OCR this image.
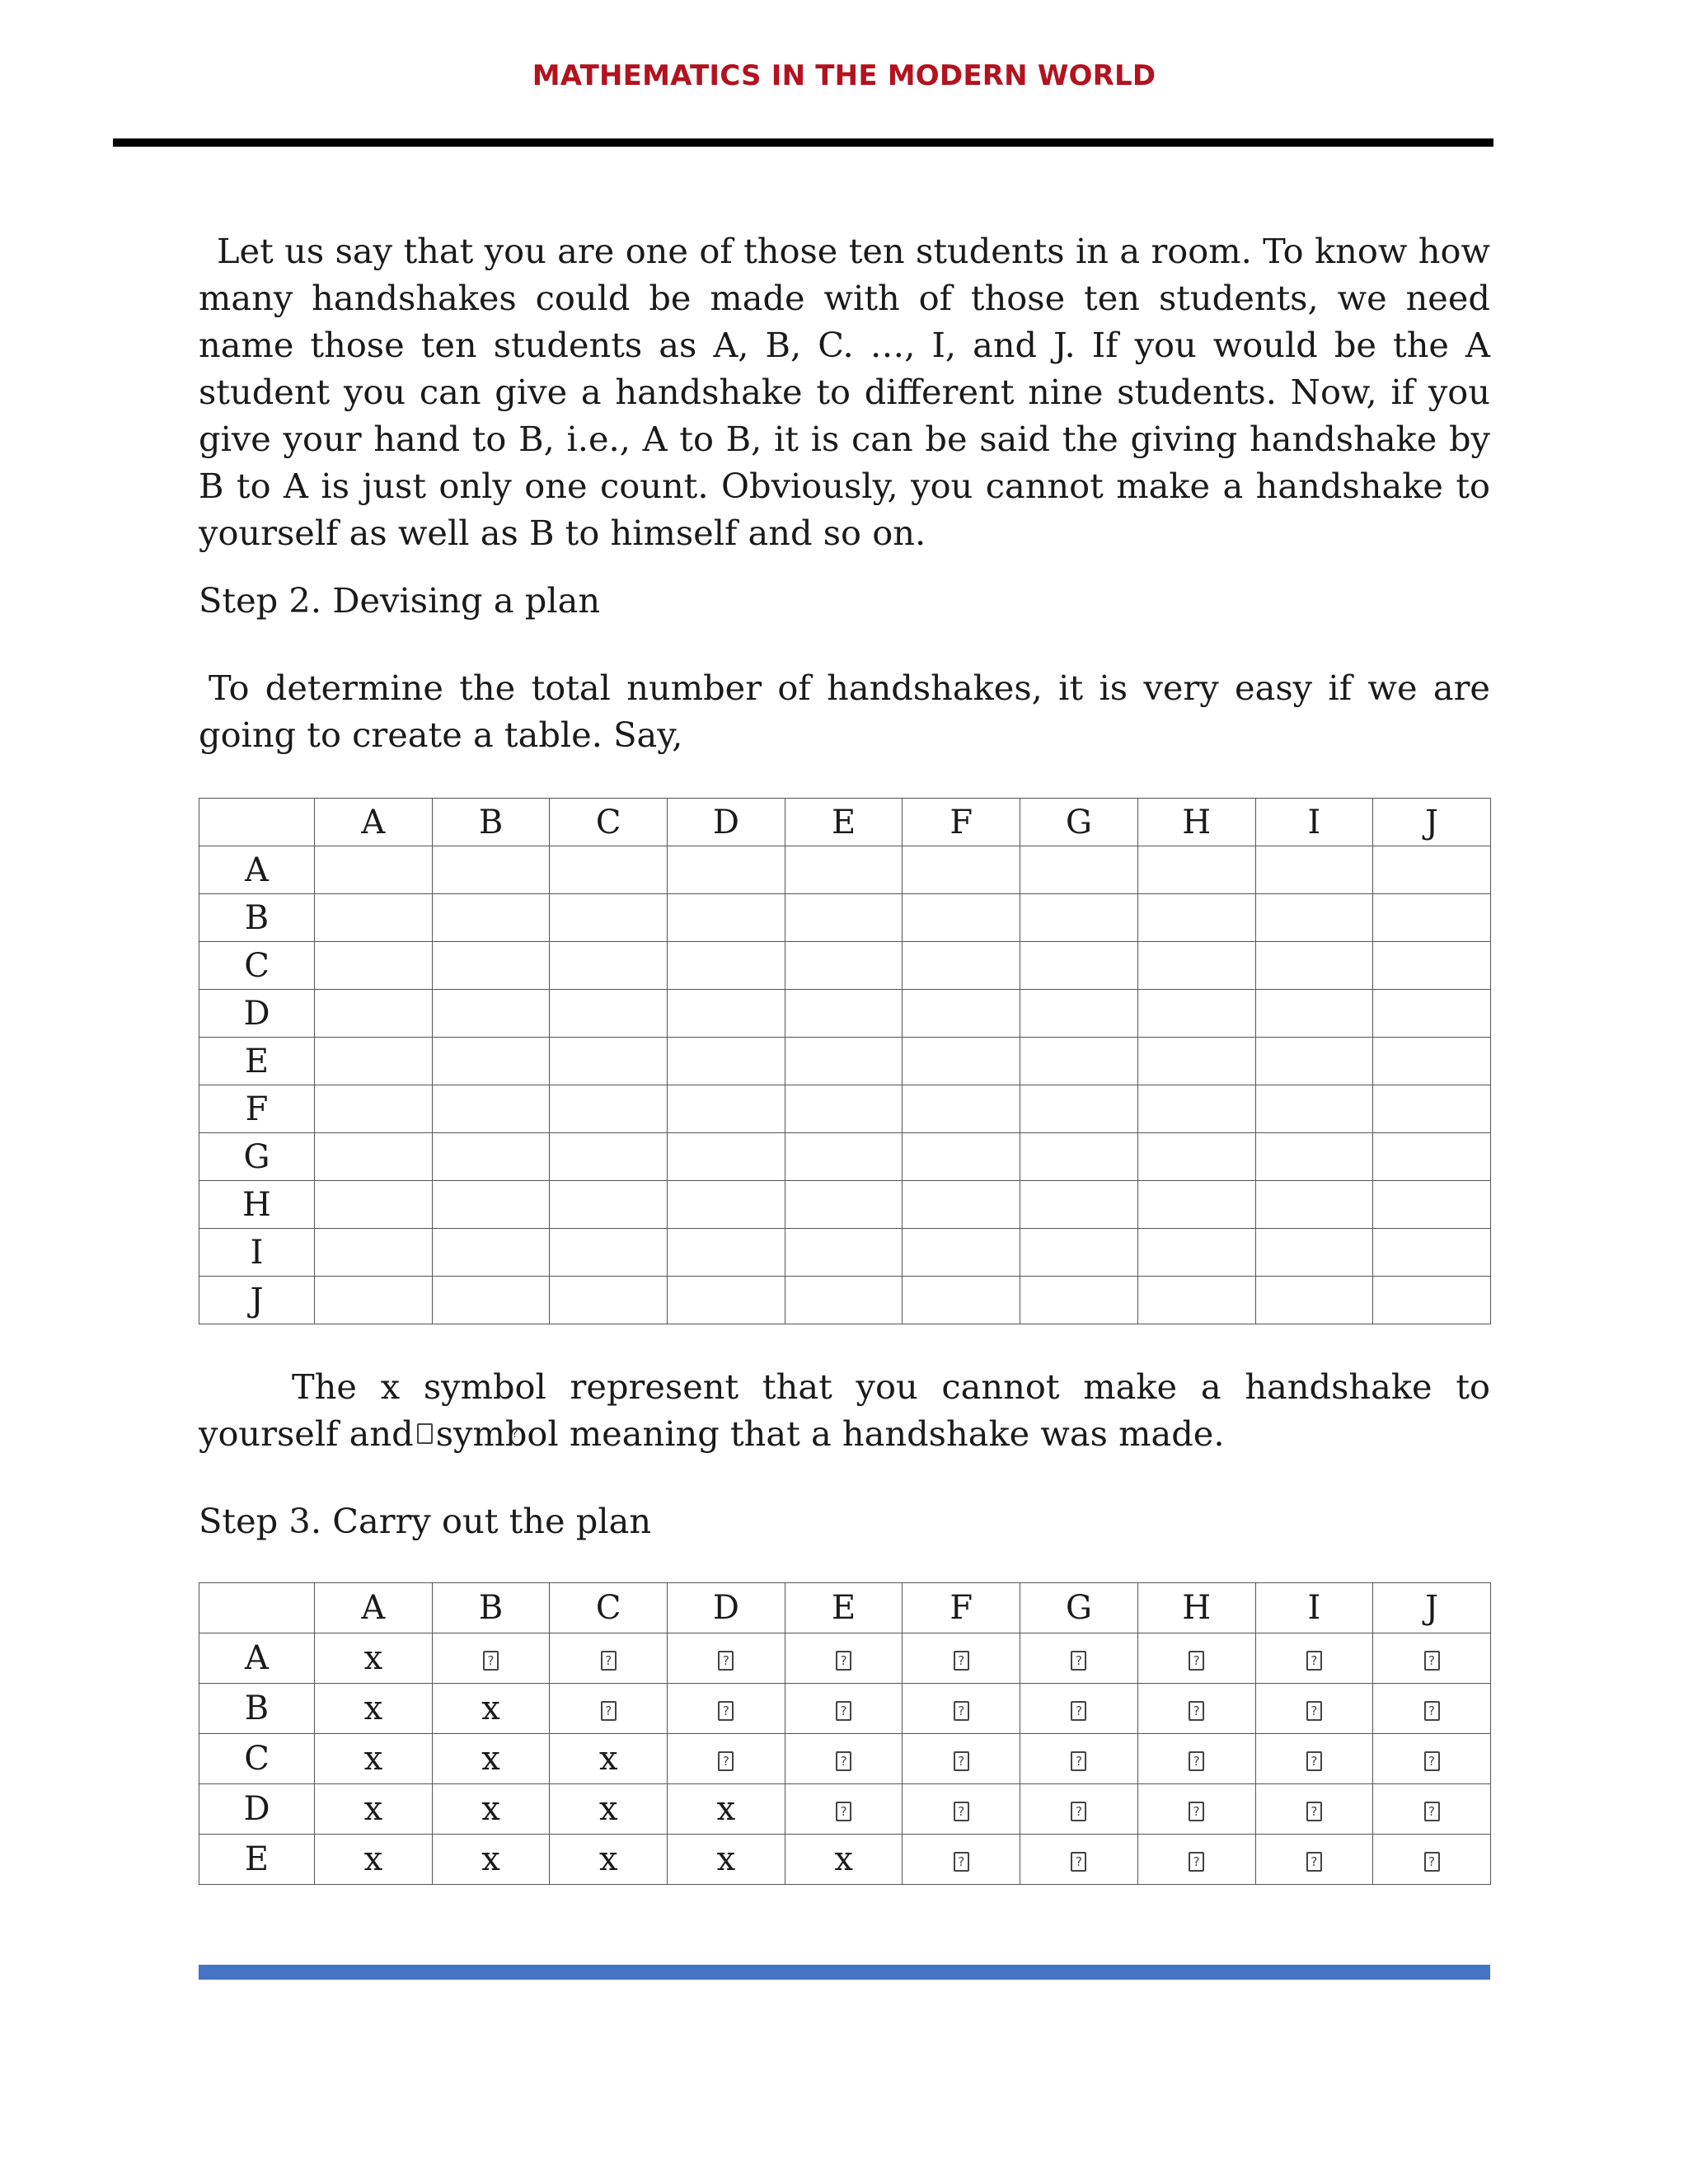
MATHEMATICS IN THE MODERN WORLD

Let us say that you are one of those ten students in a room. To know how many handshakes could be made with of those ten students, we need name those ten students as A, B, C. …, I, and J. If you would be the A student you can give a handshake to different nine students. Now, if you give your hand to B, i.e., A to B, it is can be said the giving handshake by B to A is just only one count. Obviously, you cannot make a handshake to yourself as well as B to himself and so on.

Step 2. Devising a plan

To determine the total number of handshakes, it is very easy if we are going to create a table. Say,

	A	B	C	D	E	F	G	H	I	J
A										
B										
C										
D										
E										
F										
G										
H										
I										
J										

The x symbol represent that you cannot make a handshake to yourself and ? symbol meaning that a handshake was made.

Step 3. Carry out the plan

	A	B	C	D	E	F	G	H	I	J
A	x	?	?	?	?	?	?	?	?	?
B	x	x	?	?	?	?	?	?	?	?
C	x	x	x	?	?	?	?	?	?	?
D	x	x	x	x	?	?	?	?	?	?
E	x	x	x	x	x	?	?	?	?	?
